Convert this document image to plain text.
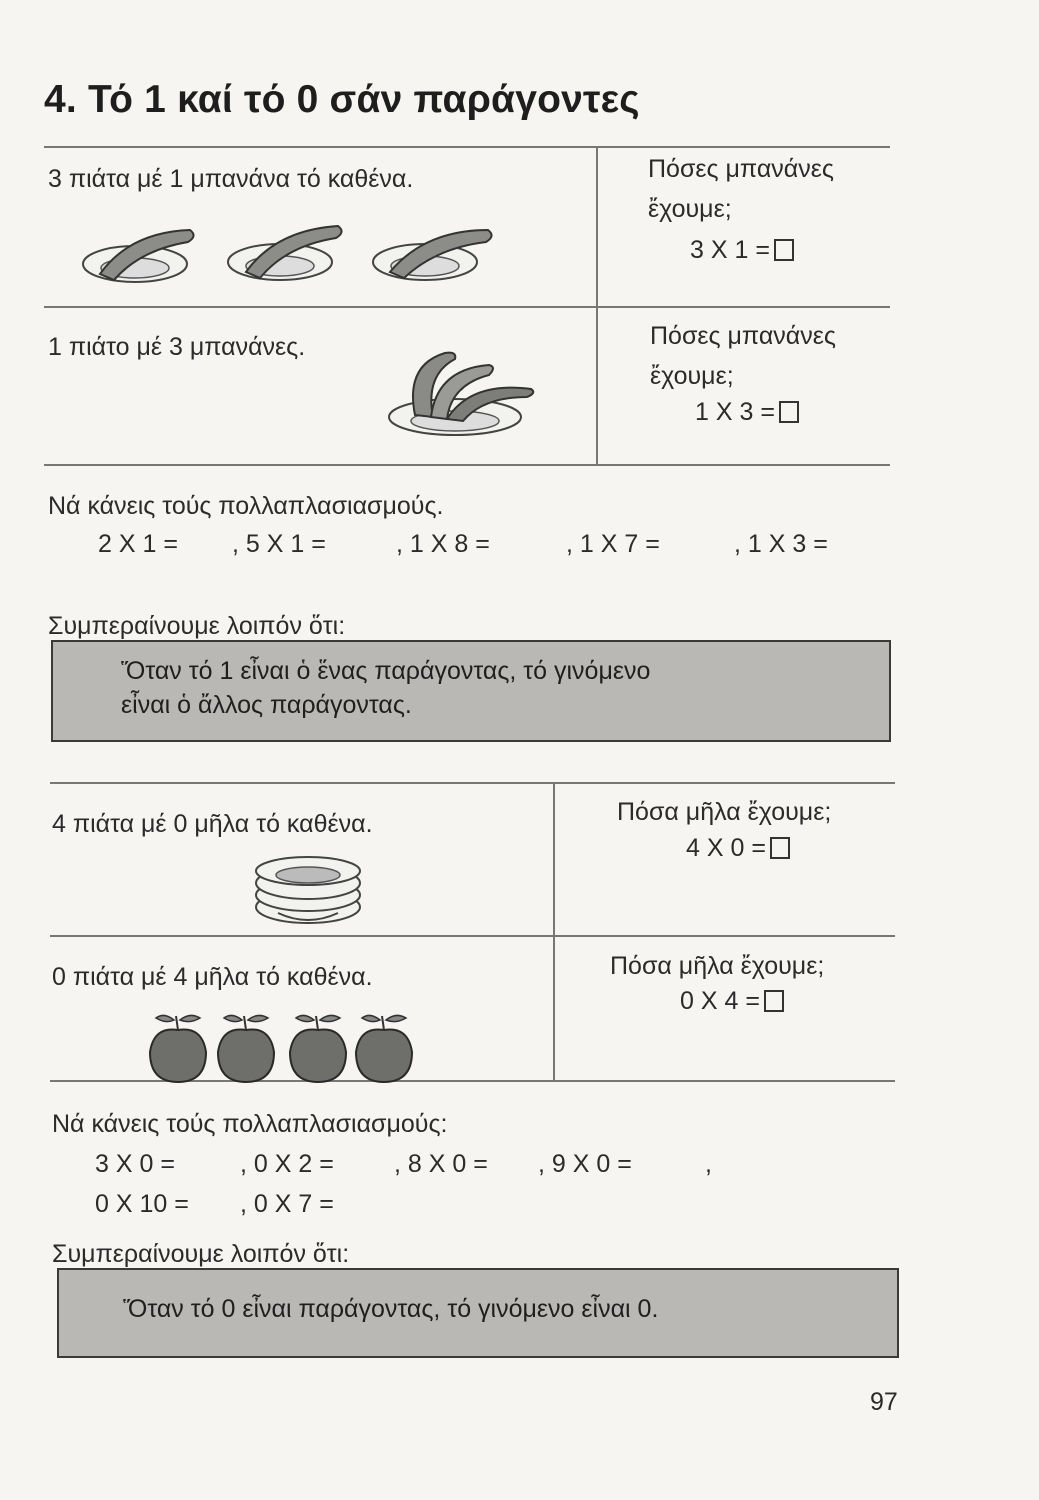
4. Τό 1 καί τό 0 σάν παράγοντες
3 πιάτα μέ 1 μπανάνα τό καθένα.	Πόσες μπανάνες
ἔχουμε;
3 X 1 =
1 πιάτο μέ 3 μπανάνες.	Πόσες μπανάνες
ἔχουμε;
1 X 3 =
Νά κάνεις τούς πολλαπλασιασμούς.
2 X 1 = , 5 X 1 =	, 1 X 8 =	, 1 X 7 =	, 1 X 3 =
Συμπεραίνουμε λοιπόν ὅτι:
Ὅταν τό 1 εἶναι ὁ ἕνας παράγοντας, τό γινόμενο
εἶναι ὁ ἄλλος παράγοντας.
4 πιάτα μέ 0 μῆλα τό καθένα.	Πόσα μῆλα ἔχουμε;
4 X 0 =
0 πιάτα μέ 4 μῆλα τό καθένα.	Πόσα μῆλα ἔχουμε;
0 X 4 =
Νά κάνεις τούς πολλαπλασιασμούς:
3 X 0 =	, 0 X 2 = , 8 X 0 = , 9 X 0 =	,
0 X 10 = , 0 X 7 =
Συμπεραίνουμε λοιπόν ὅτι:
Ὅταν τό 0 εἶναι παράγοντας, τό γινόμενο εἶναι 0.
97
